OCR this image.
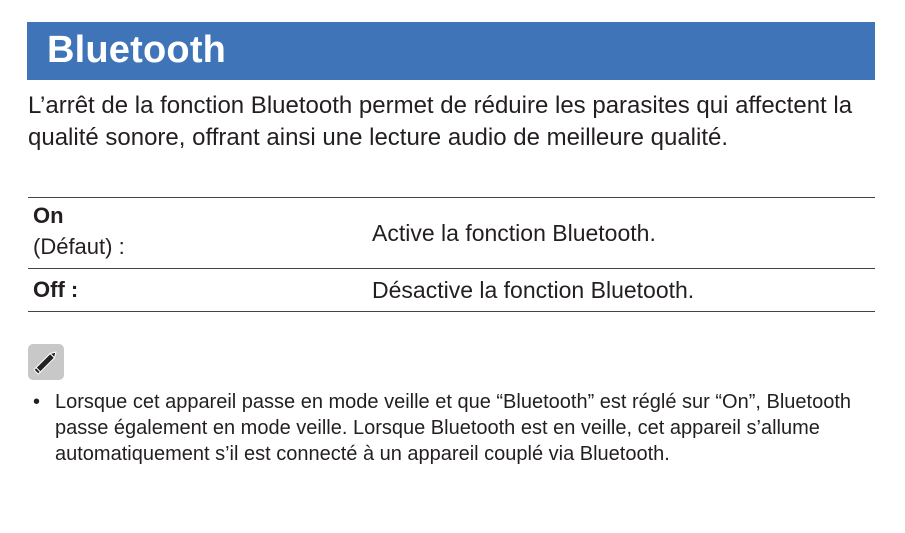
Bluetooth

L’arrêt de la fonction Bluetooth permet de réduire les parasites qui affectent la qualité sonore, offrant ainsi une lecture audio de meilleure qualité.

On
(Défaut) :
Active la fonction Bluetooth.
Off :	Désactive la fonction Bluetooth.
• Lorsque cet appareil passe en mode veille et que “Bluetooth” est réglé sur “On”, Bluetooth passe également en mode veille. Lorsque Bluetooth est en veille, cet appareil s’allume automatiquement s’il est connecté à un appareil couplé via Bluetooth.
